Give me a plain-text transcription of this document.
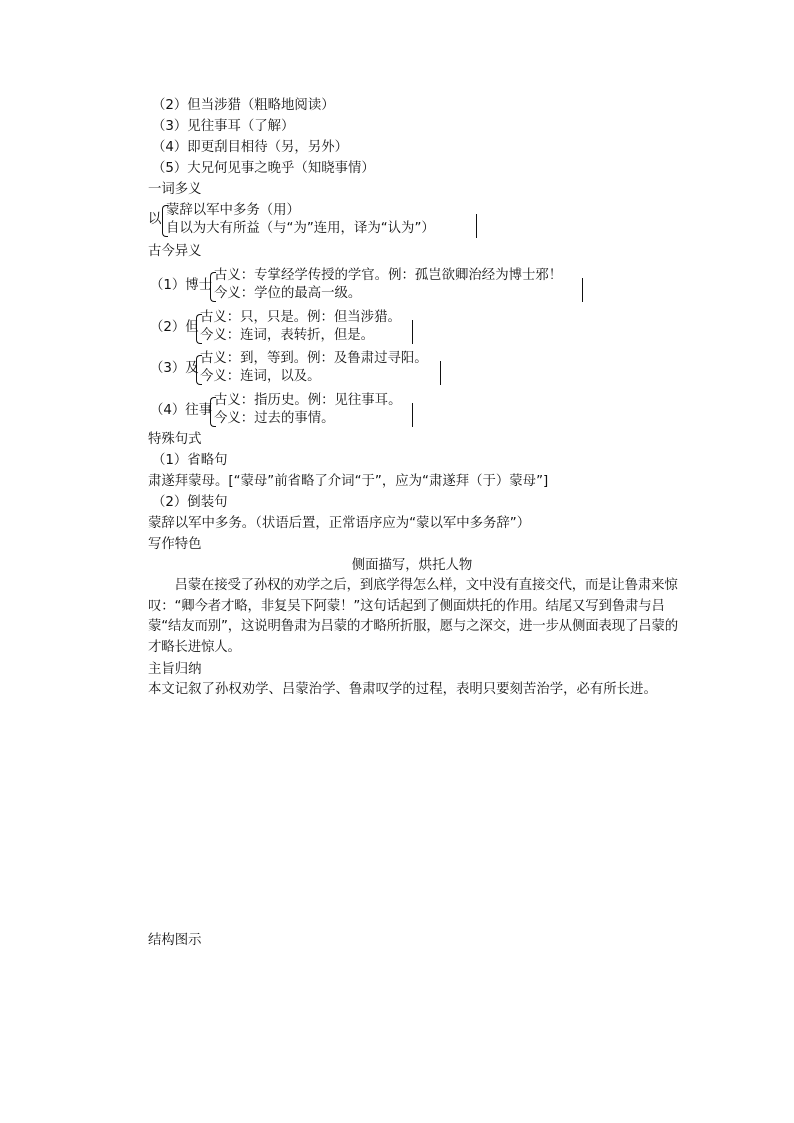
（2）但当涉猎（粗略地阅读）
（3）见往事耳（了解）
（4）即更刮目相待（另，另外）
（5）大兄何见事之晚乎（知晓事情）
一词多义
以
蒙辞以军中多务（用）
自以为大有所益（与“为”连用，译为“认为”）
古今异义
（1）博士
古义：专掌经学传授的学官。例：孤岂欲卿治经为博士邪！
今义：学位的最高一级。
（2）但
古义：只，只是。例：但当涉猎。
今义：连词，表转折，但是。
（3）及
古义：到，等到。例：及鲁肃过寻阳。
今义：连词，以及。
（4）往事
古义：指历史。例：见往事耳。
今义：过去的事情。
特殊句式
（1）省略句
肃遂拜蒙母。[“蒙母”前省略了介词“于”，应为“肃遂拜（于）蒙母”]
（2）倒装句
蒙辞以军中多务。（状语后置，正常语序应为“蒙以军中多务辞”）
写作特色
侧面描写，烘托人物
　　吕蒙在接受了孙权的劝学之后，到底学得怎么样，文中没有直接交代，而是让鲁肃来惊叹：“卿今者才略，非复吴下阿蒙！”这句话起到了侧面烘托的作用。结尾又写到鲁肃与吕蒙“结友而别”，这说明鲁肃为吕蒙的才略所折服，愿与之深交，进一步从侧面表现了吕蒙的才略长进惊人。
主旨归纳
本文记叙了孙权劝学、吕蒙治学、鲁肃叹学的过程，表明只要刻苦治学，必有所长进。
结构图示
